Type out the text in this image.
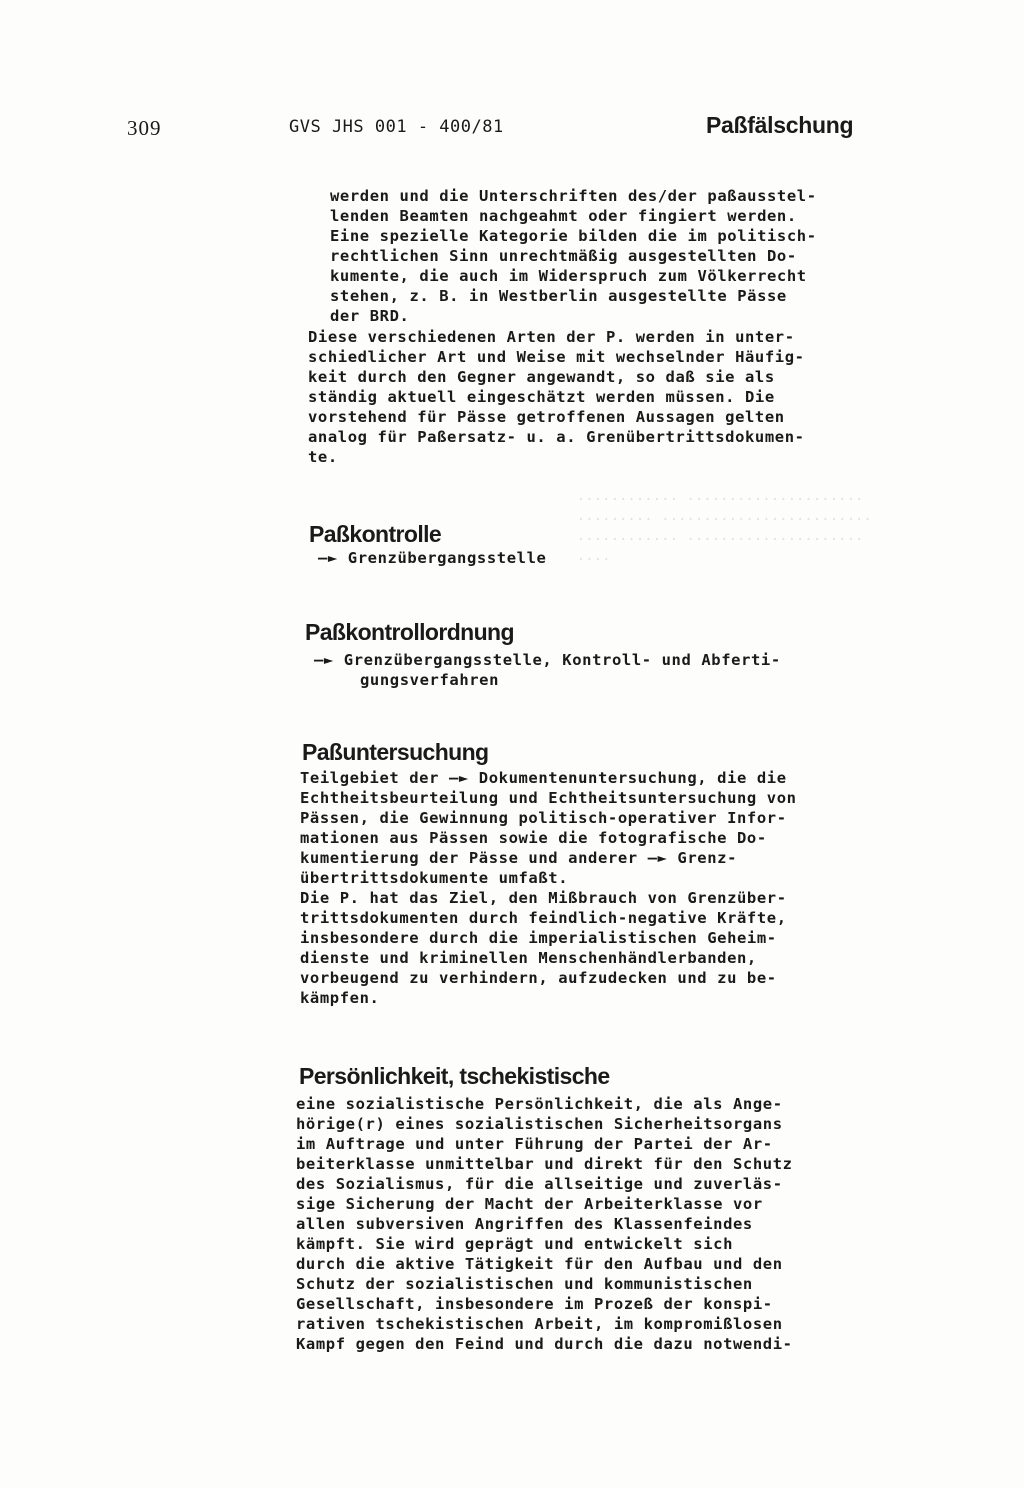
············ ·····················
········· ·························
············ ·····················
····

309	GVS JHS 001 - 400/81	Paßfälschung
werden und die Unterschriften des/der paßausstel-
lenden Beamten nachgeahmt oder fingiert werden.
Eine spezielle Kategorie bilden die im politisch-
rechtlichen Sinn unrechtmäßig ausgestellten Do-
kumente, die auch im Widerspruch zum Völkerrecht
stehen, z. B. in Westberlin ausgestellte Pässe
der BRD.
Diese verschiedenen Arten der P. werden in unter-
schiedlicher Art und Weise mit wechselnder Häufig-
keit durch den Gegner angewandt, so daß sie als
ständig aktuell eingeschätzt werden müssen. Die
vorstehend für Pässe getroffenen Aussagen gelten
analog für Paßersatz- u. a. Grenübertrittsdokumen-
te.
Paßkontrolle
—► Grenzübergangsstelle
Paßkontrollordnung
—► Grenzübergangsstelle, Kontroll- und Abferti-
gungsverfahren
Paßuntersuchung
Teilgebiet der —► Dokumentenuntersuchung, die die
Echtheitsbeurteilung und Echtheitsuntersuchung von
Pässen, die Gewinnung politisch-operativer Infor-
mationen aus Pässen sowie die fotografische Do-
kumentierung der Pässe und anderer —► Grenz-
übertrittsdokumente umfaßt.
Die P. hat das Ziel, den Mißbrauch von Grenzüber-
trittsdokumenten durch feindlich-negative Kräfte,
insbesondere durch die imperialistischen Geheim-
dienste und kriminellen Menschenhändlerbanden,
vorbeugend zu verhindern, aufzudecken und zu be-
kämpfen.
Persönlichkeit, tschekistische
eine sozialistische Persönlichkeit, die als Ange-
hörige(r) eines sozialistischen Sicherheitsorgans
im Auftrage und unter Führung der Partei der Ar-
beiterklasse unmittelbar und direkt für den Schutz
des Sozialismus, für die allseitige und zuverläs-
sige Sicherung der Macht der Arbeiterklasse vor
allen subversiven Angriffen des Klassenfeindes
kämpft. Sie wird geprägt und entwickelt sich
durch die aktive Tätigkeit für den Aufbau und den
Schutz der sozialistischen und kommunistischen
Gesellschaft, insbesondere im Prozeß der konspi-
rativen tschekistischen Arbeit, im kompromißlosen
Kampf gegen den Feind und durch die dazu notwendi-
